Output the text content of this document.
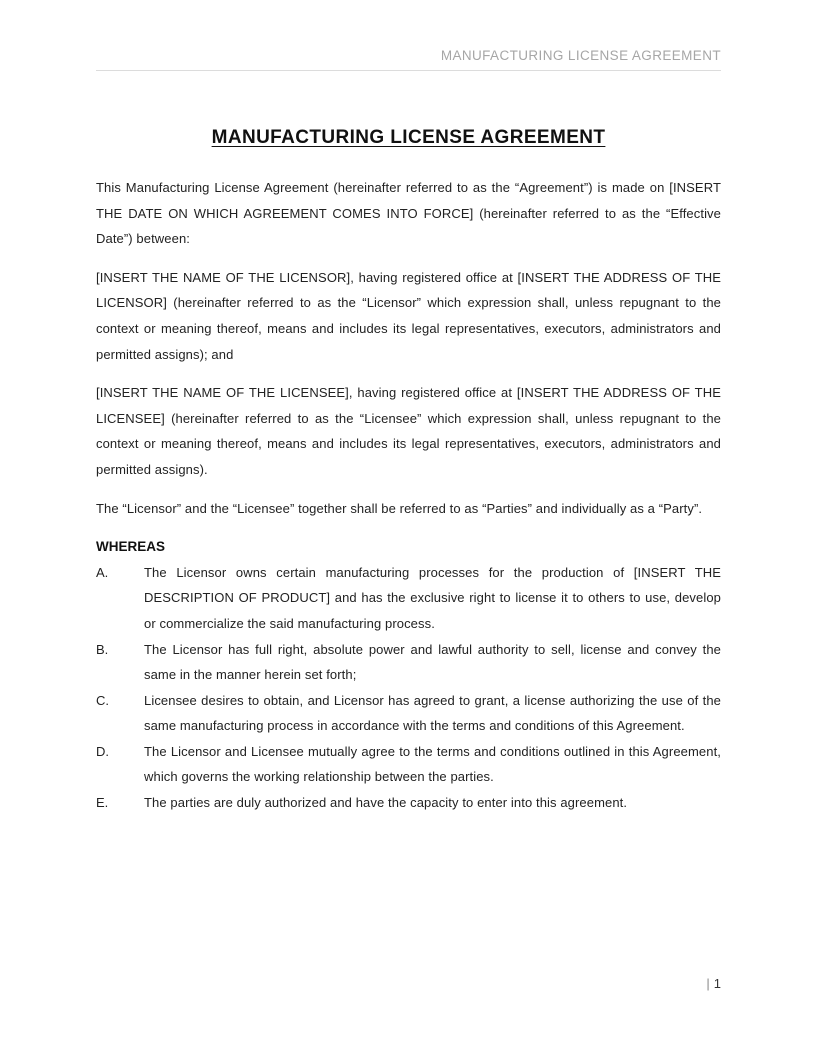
MANUFACTURING LICENSE AGREEMENT
MANUFACTURING LICENSE AGREEMENT

This Manufacturing License Agreement (hereinafter referred to as the “Agreement”) is made on [INSERT THE DATE ON WHICH AGREEMENT COMES INTO FORCE] (hereinafter referred to as the “Effective Date”) between:

[INSERT THE NAME OF THE LICENSOR], having registered office at [INSERT THE ADDRESS OF THE LICENSOR] (hereinafter referred to as the “Licensor” which expression shall, unless repugnant to the context or meaning thereof, means and includes its legal representatives, executors, administrators and permitted assigns); and

[INSERT THE NAME OF THE LICENSEE], having registered office at [INSERT THE ADDRESS OF THE LICENSEE] (hereinafter referred to as the “Licensee” which expression shall, unless repugnant to the context or meaning thereof, means and includes its legal representatives, executors, administrators and permitted assigns).

The “Licensor” and the “Licensee” together shall be referred to as “Parties” and individually as a “Party”.

WHEREAS
A.	The Licensor owns certain manufacturing processes for the production of [INSERT THE DESCRIPTION OF PRODUCT] and has the exclusive right to license it to others to use, develop or commercialize the said manufacturing process.
B.	The Licensor has full right, absolute power and lawful authority to sell, license and convey the same in the manner herein set forth;
C.	Licensee desires to obtain, and Licensor has agreed to grant, a license authorizing the use of the same manufacturing process in accordance with the terms and conditions of this Agreement.
D.	The Licensor and Licensee mutually agree to the terms and conditions outlined in this Agreement, which governs the working relationship between the parties.
E.	The parties are duly authorized and have the capacity to enter into this agreement.
| 1
